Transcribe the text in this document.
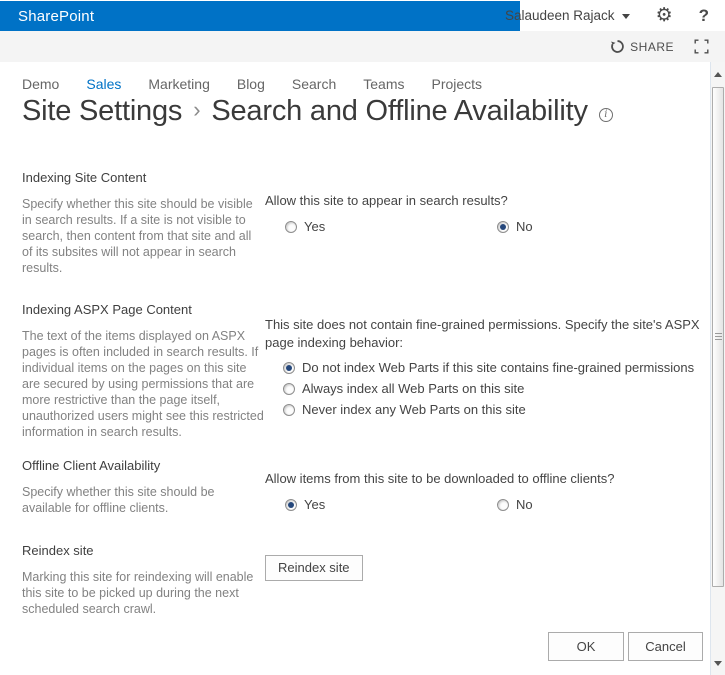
SharePoint	Salaudeen Rajack ⚙ ?
SHARE
Demo Sales Marketing Blog Search Teams Projects
Site Settings › Search and Offline Availability	i
Indexing Site Content
Specify whether this site should be visible in search results. If a site is not visible to search, then content from that site and all of its subsites will not appear in search results.
Allow this site to appear in search results?
Yes	No
Indexing ASPX Page Content
The text of the items displayed on ASPX pages is often included in search results. If individual items on the pages on this site are secured by using permissions that are more restrictive than the page itself, unauthorized users might see this restricted information in search results.
This site does not contain fine-grained permissions. Specify the site's ASPX page indexing behavior:
Do not index Web Parts if this site contains fine-grained permissions
Always index all Web Parts on this site
Never index any Web Parts on this site
Offline Client Availability
Specify whether this site should be available for offline clients.
Allow items from this site to be downloaded to offline clients?
Yes	No
Reindex site
Marking this site for reindexing will enable this site to be picked up during the next scheduled search crawl.
Reindex site
OK	Cancel
